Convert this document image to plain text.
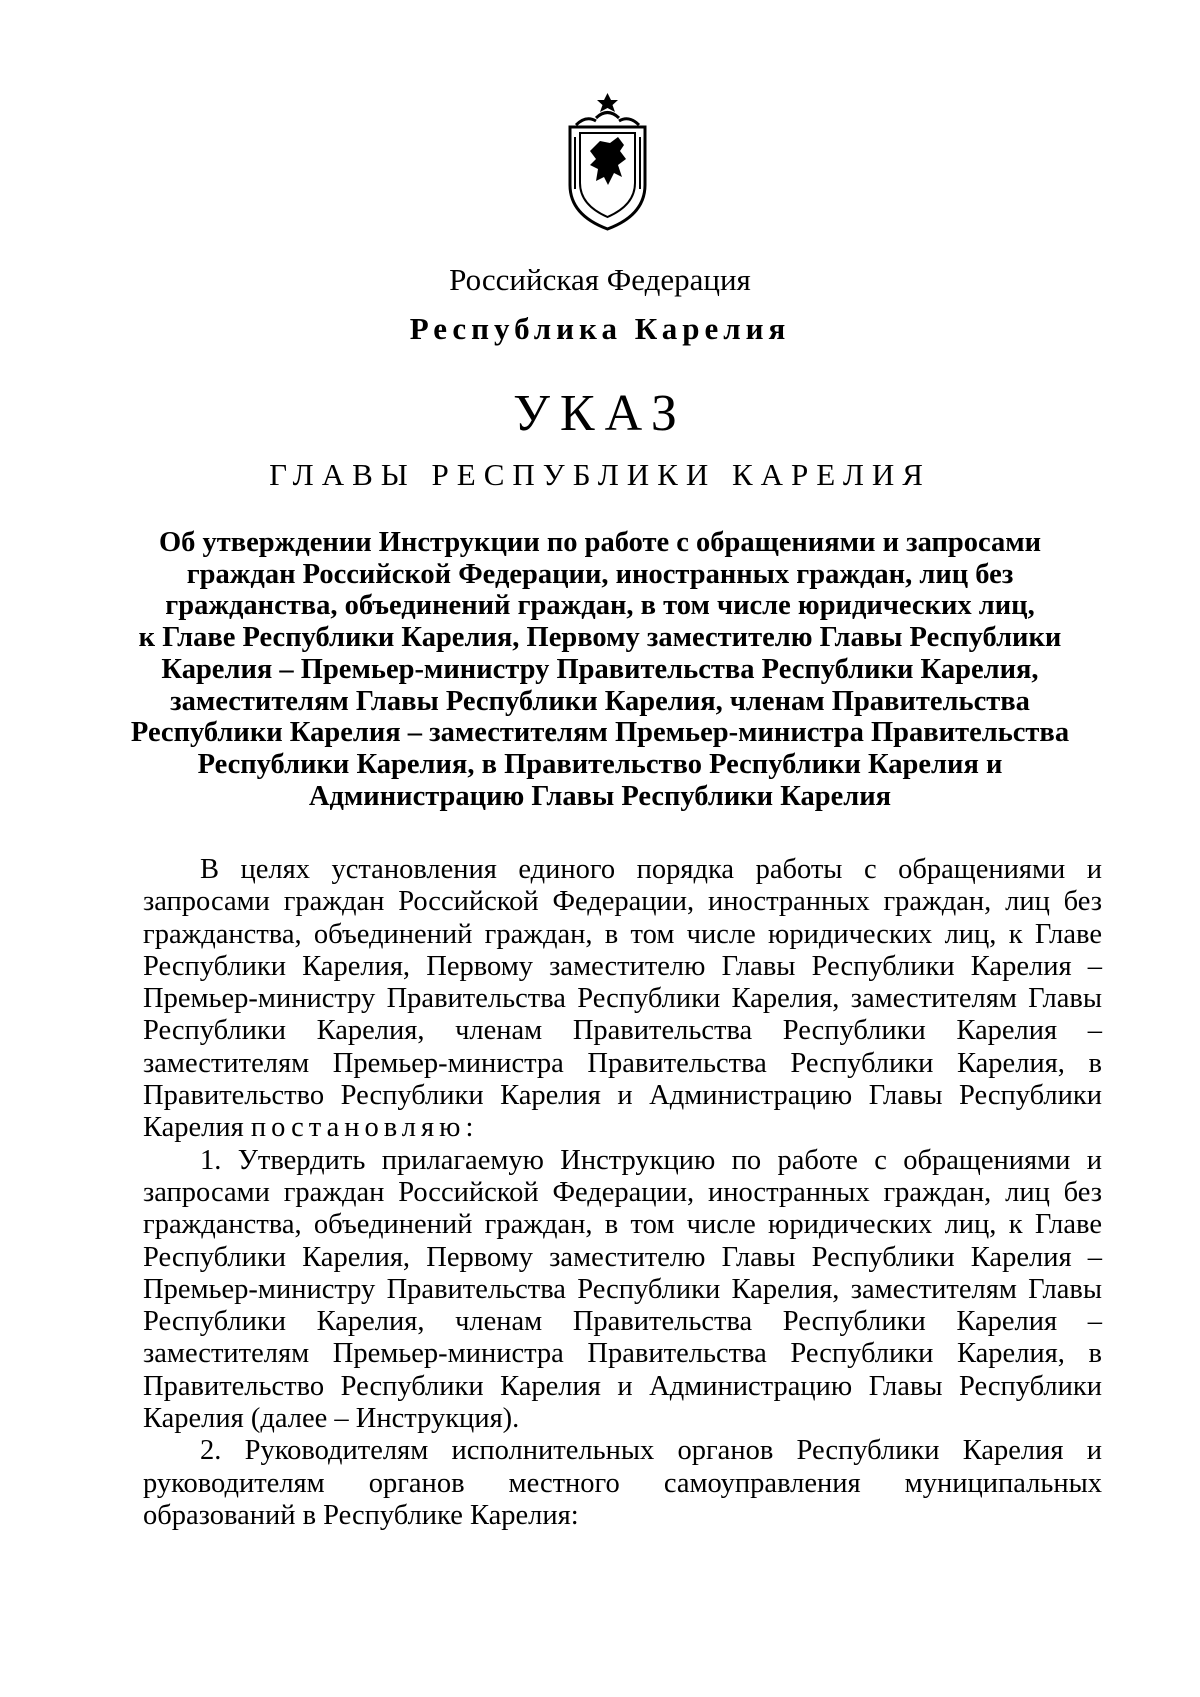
Российская Федерация
Республика Карелия
УКАЗ
ГЛАВЫ РЕСПУБЛИКИ КАРЕЛИЯ
Об утверждении Инструкции по работе с обращениями и запросами
граждан Российской Федерации, иностранных граждан, лиц без
гражданства, объединений граждан, в том числе юридических лиц,
к Главе Республики Карелия, Первому заместителю Главы Республики
Карелия – Премьер-министру Правительства Республики Карелия,
заместителям Главы Республики Карелия, членам Правительства
Республики Карелия – заместителям Премьер-министра Правительства
Республики Карелия, в Правительство Республики Карелия и
Администрацию Главы Республики Карелия

В целях установления единого порядка работы с обращениями и запросами граждан Российской Федерации, иностранных граждан, лиц без гражданства, объединений граждан, в том числе юридических лиц, к Главе Республики Карелия, Первому заместителю Главы Республики Карелия – Премьер-министру Правительства Республики Карелия, заместителям Главы Республики Карелия, членам Правительства Республики Карелия – заместителям Премьер-министра Правительства Республики Карелия, в Правительство Республики Карелия и Администрацию Главы Республики Карелия постановляю:

1. Утвердить прилагаемую Инструкцию по работе с обращениями и запросами граждан Российской Федерации, иностранных граждан, лиц без гражданства, объединений граждан, в том числе юридических лиц, к Главе Республики Карелия, Первому заместителю Главы Республики Карелия – Премьер-министру Правительства Республики Карелия, заместителям Главы Республики Карелия, членам Правительства Республики Карелия – заместителям Премьер-министра Правительства Республики Карелия, в Правительство Республики Карелия и Администрацию Главы Республики Карелия (далее – Инструкция).

2. Руководителям исполнительных органов Республики Карелия и руководителям органов местного самоуправления муниципальных образований в Республике Карелия:
